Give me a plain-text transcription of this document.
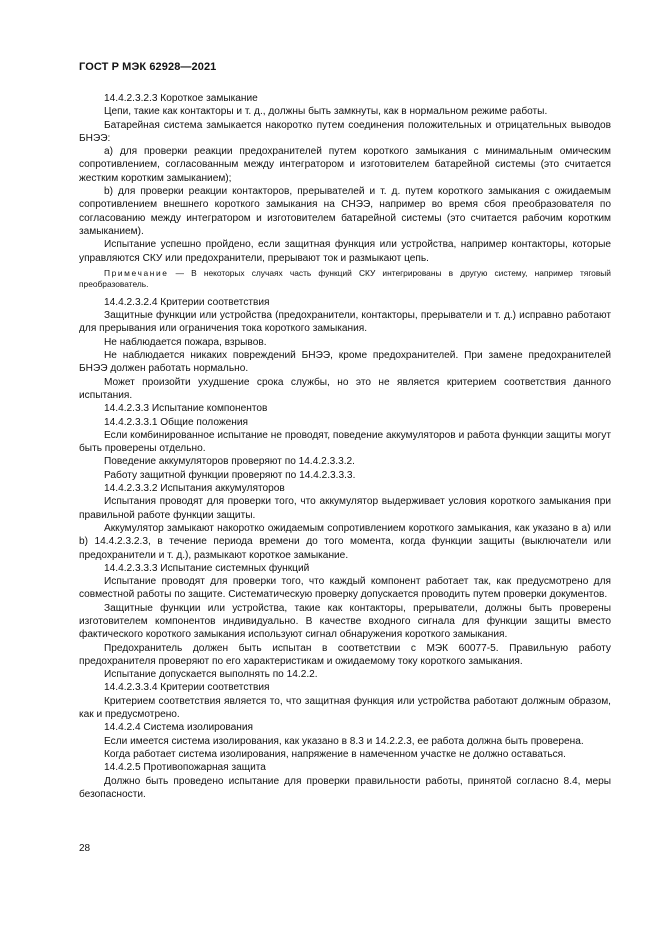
ГОСТ Р МЭК 62928—2021

14.4.2.3.2.3 Короткое замыкание

Цепи, такие как контакторы и т. д., должны быть замкнуты, как в нормальном режиме работы.

Батарейная система замыкается накоротко путем соединения положительных и отрицательных выводов БНЭЭ:

a) для проверки реакции предохранителей путем короткого замыкания с минимальным омическим сопротивлением, согласованным между интегратором и изготовителем батарейной системы (это считается жестким коротким замыканием);

b) для проверки реакции контакторов, прерывателей и т. д. путем короткого замыкания с ожидаемым сопротивлением внешнего короткого замыкания на СНЭЭ, например во время сбоя преобразователя по согласованию между интегратором и изготовителем батарейной системы (это считается рабочим коротким замыканием).

Испытание успешно пройдено, если защитная функция или устройства, например контакторы, которые управляются СКУ или предохранители, прерывают ток и размыкают цепь.

Примечание — В некоторых случаях часть функций СКУ интегрированы в другую систему, например тяговый преобразователь.

14.4.2.3.2.4 Критерии соответствия

Защитные функции или устройства (предохранители, контакторы, прерыватели и т. д.) исправно работают для прерывания или ограничения тока короткого замыкания.

Не наблюдается пожара, взрывов.

Не наблюдается никаких повреждений БНЭЭ, кроме предохранителей. При замене предохранителей БНЭЭ должен работать нормально.

Может произойти ухудшение срока службы, но это не является критерием соответствия данного испытания.

14.4.2.3.3 Испытание компонентов

14.4.2.3.3.1 Общие положения

Если комбинированное испытание не проводят, поведение аккумуляторов и работа функции защиты могут быть проверены отдельно.

Поведение аккумуляторов проверяют по 14.4.2.3.3.2.

Работу защитной функции проверяют по 14.4.2.3.3.3.

14.4.2.3.3.2 Испытания аккумуляторов

Испытания проводят для проверки того, что аккумулятор выдерживает условия короткого замыкания при правильной работе функции защиты.

Аккумулятор замыкают накоротко ожидаемым сопротивлением короткого замыкания, как указано в а) или b) 14.4.2.3.2.3, в течение периода времени до того момента, когда функции защиты (выключатели или предохранители и т. д.), размыкают короткое замыкание.

14.4.2.3.3.3 Испытание системных функций

Испытание проводят для проверки того, что каждый компонент работает так, как предусмотрено для совместной работы по защите. Систематическую проверку допускается проводить путем проверки документов.

Защитные функции или устройства, такие как контакторы, прерыватели, должны быть проверены изготовителем компонентов индивидуально. В качестве входного сигнала для функции защиты вместо фактического короткого замыкания используют сигнал обнаружения короткого замыкания.

Предохранитель должен быть испытан в соответствии с МЭК 60077-5. Правильную работу предохранителя проверяют по его характеристикам и ожидаемому току короткого замыкания.

Испытание допускается выполнять по 14.2.2.

14.4.2.3.3.4 Критерии соответствия

Критерием соответствия является то, что защитная функция или устройства работают должным образом, как и предусмотрено.

14.4.2.4 Система изолирования

Если имеется система изолирования, как указано в 8.3 и 14.2.2.3, ее работа должна быть проверена.

Когда работает система изолирования, напряжение в намеченном участке не должно оставаться.

14.4.2.5 Противопожарная защита

Должно быть проведено испытание для проверки правильности работы, принятой согласно 8.4, меры безопасности.

28
